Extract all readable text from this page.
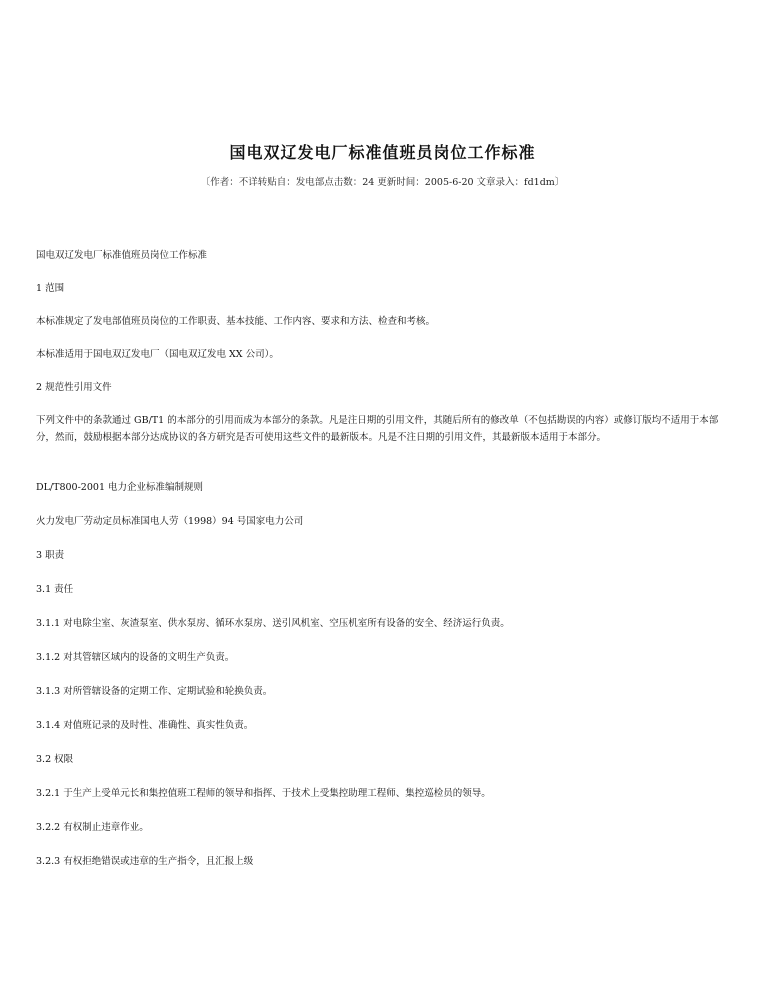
国电双辽发电厂标准值班员岗位工作标准
〔作者：不详转贴自：发电部点击数：24 更新时间：2005-6-20 文章录入：fd1dm〕

国电双辽发电厂标准值班员岗位工作标准

1 范围

本标准规定了发电部值班员岗位的工作职责、基本技能、工作内容、要求和方法、检查和考核。

本标准适用于国电双辽发电厂（国电双辽发电 XX 公司）。

2 规范性引用文件

下列文件中的条款通过 GB/T1 的本部分的引用而成为本部分的条款。凡是注日期的引用文件，其随后所有的修改单（不包括勘误的内容）或修订版均不适用于本部分，然而，鼓励根据本部分达成协议的各方研究是否可使用这些文件的最新版本。凡是不注日期的引用文件，其最新版本适用于本部分。

DL/T800-2001 电力企业标准编制规则

火力发电厂劳动定员标准国电人劳（1998）94 号国家电力公司

3 职责

3.1 责任

3.1.1 对电除尘室、灰渣泵室、供水泵房、循环水泵房、送引风机室、空压机室所有设备的安全、经济运行负责。

3.1.2 对其管辖区域内的设备的文明生产负责。

3.1.3 对所管辖设备的定期工作、定期试验和轮换负责。

3.1.4 对值班记录的及时性、准确性、真实性负责。

3.2 权限

3.2.1 于生产上受单元长和集控值班工程师的领导和指挥、于技术上受集控助理工程师、集控巡检员的领导。

3.2.2 有权制止违章作业。

3.2.3 有权拒绝错误或违章的生产指令，且汇报上级
